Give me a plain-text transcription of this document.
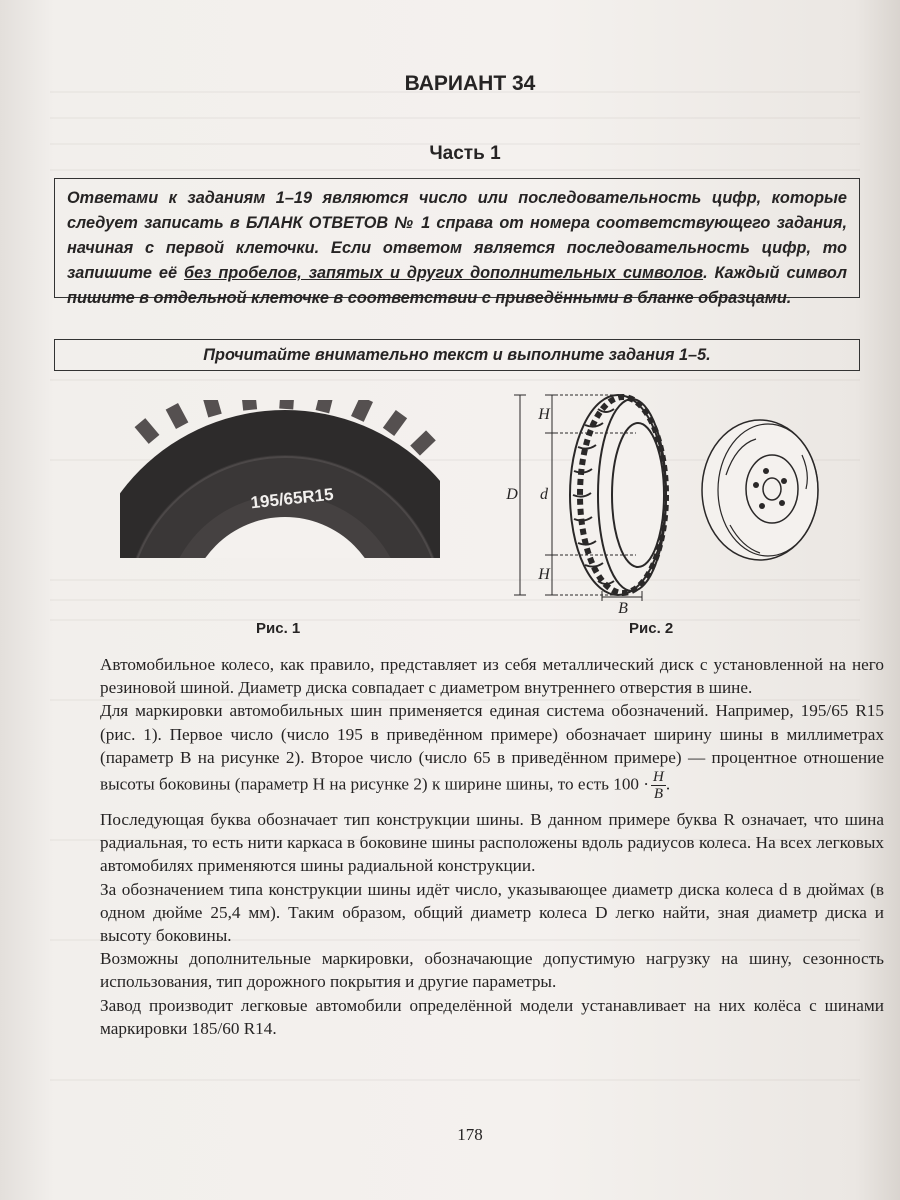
ВАРИАНТ 34
Часть 1

Ответами к заданиям 1–19 являются число или последовательность цифр, которые следует записать в БЛАНК ОТВЕТОВ № 1 справа от номера соответствующего задания, начиная с первой клеточки. Если ответом является последовательность цифр, то запишите её без пробелов, запятых и других дополнительных символов. Каждый символ пишите в отдельной клеточке в соответствии с приведёнными в бланке образцами.

Прочитайте внимательно текст и выполните задания 1–5.

195/65R15
Рис. 1
D d
H
H
B
Рис. 2

Автомобильное колесо, как правило, представляет из себя металлический диск с установленной на него резиновой шиной. Диаметр диска совпадает с диаметром внутреннего отверстия в шине.

Для маркировки автомобильных шин применяется единая система обозначений. Например, 195/65 R15 (рис. 1). Первое число (число 195 в приведённом примере) обозначает ширину шины в миллиметрах (параметр B на рисунке 2). Второе число (число 65 в приведённом примере) — процентное отношение высоты боковины (параметр H на рисунке 2) к ширине шины, то есть $100 \cdot \frac{H}{B}$ .

Последующая буква обозначает тип конструкции шины. В данном примере буква R означает, что шина радиальная, то есть нити каркаса в боковине шины расположены вдоль радиусов колеса. На всех легковых автомобилях применяются шины радиальной конструкции.

За обозначением типа конструкции шины идёт число, указывающее диаметр диска колеса d в дюймах (в одном дюйме 25,4 мм). Таким образом, общий диаметр колеса D легко найти, зная диаметр диска и высоту боковины.

Возможны дополнительные маркировки, обозначающие допустимую нагрузку на шину, сезонность использования, тип дорожного покрытия и другие параметры.

Завод производит легковые автомобили определённой модели устанавливает на них колёса с шинами маркировки 185/60 R14.

178
